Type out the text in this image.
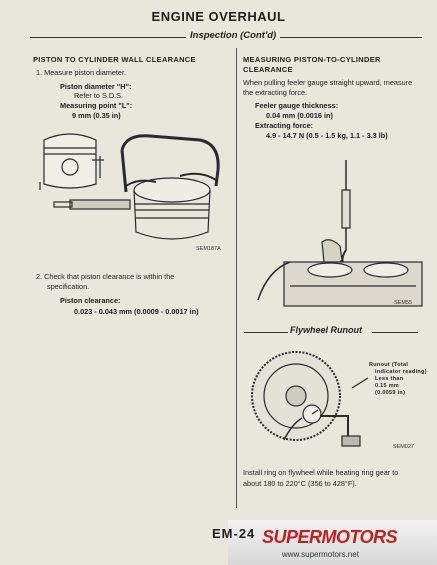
ENGINE OVERHAUL
Inspection (Cont'd)
PISTON TO CYLINDER WALL CLEARANCE
1. Measure piston diameter.
Piston diameter "H":
Refer to S.D.S.
Measuring point "L":
9 mm (0.35 in)
SEM187A
2. Check that piston clearance is within the
specification.
Piston clearance:
0.023 - 0.043 mm (0.0009 - 0.0017 in)
MEASURING PISTON-TO-CYLINDER
CLEARANCE
When pulling feeler gauge straight upward, measure
the extracting force.
Feeler gauge thickness:
0.04 mm (0.0016 in)
Extracting force:
4.9 - 14.7 N (0.5 - 1.5 kg, 1.1 - 3.3 lb)
SEM55
Flywheel Runout
SEM027
Runout (Total
indicator reading)
Less than
0.15 mm
(0.0059 in)
Install ring on flywheel while heating ring gear to
about 180 to 220°C (356 to 428°F).
EM-24 SUPERMOTORS
www.supermotors.net
